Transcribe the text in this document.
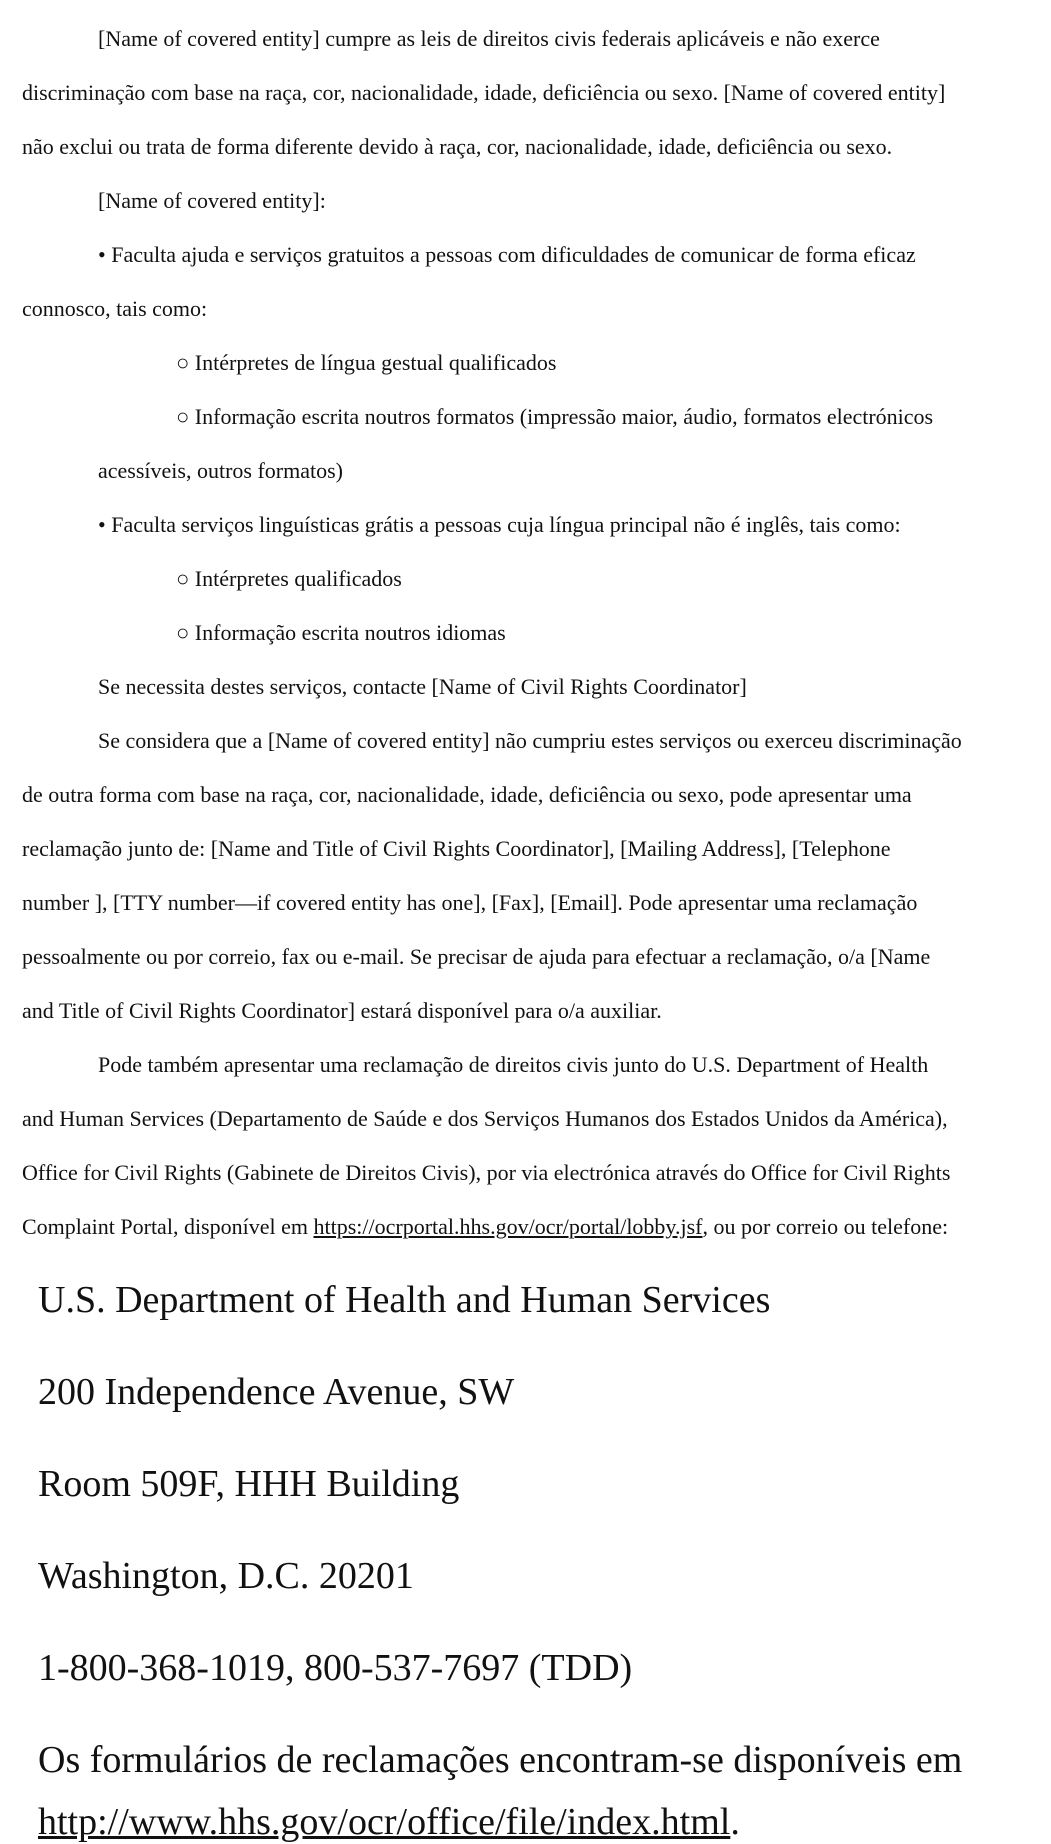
[Name of covered entity] cumpre as leis de direitos civis federais aplicáveis e não exerce
discriminação com base na raça, cor, nacionalidade, idade, deficiência ou sexo. [Name of covered entity]
não exclui ou trata de forma diferente devido à raça, cor, nacionalidade, idade, deficiência ou sexo.
[Name of covered entity]:
• Faculta ajuda e serviços gratuitos a pessoas com dificuldades de comunicar de forma eficaz
connosco, tais como:
○ Intérpretes de língua gestual qualificados
○ Informação escrita noutros formatos (impressão maior, áudio, formatos electrónicos
acessíveis, outros formatos)
• Faculta serviços linguísticas grátis a pessoas cuja língua principal não é inglês, tais como:
○ Intérpretes qualificados
○ Informação escrita noutros idiomas
Se necessita destes serviços, contacte [Name of Civil Rights Coordinator]
Se considera que a [Name of covered entity] não cumpriu estes serviços ou exerceu discriminação
de outra forma com base na raça, cor, nacionalidade, idade, deficiência ou sexo, pode apresentar uma
reclamação junto de: [Name and Title of Civil Rights Coordinator], [Mailing Address], [Telephone
number ], [TTY number—if covered entity has one], [Fax], [Email]. Pode apresentar uma reclamação
pessoalmente ou por correio, fax ou e-mail. Se precisar de ajuda para efectuar a reclamação, o/a [Name
and Title of Civil Rights Coordinator] estará disponível para o/a auxiliar.
Pode também apresentar uma reclamação de direitos civis junto do U.S. Department of Health
and Human Services (Departamento de Saúde e dos Serviços Humanos dos Estados Unidos da América),
Office for Civil Rights (Gabinete de Direitos Civis), por via electrónica através do Office for Civil Rights
Complaint Portal, disponível em https://ocrportal.hhs.gov/ocr/portal/lobby.jsf, ou por correio ou telefone:
U.S. Department of Health and Human Services
200 Independence Avenue, SW
Room 509F, HHH Building
Washington, D.C. 20201
1-800-368-1019, 800-537-7697 (TDD)
Os formulários de reclamações encontram-se disponíveis em
http://www.hhs.gov/ocr/office/file/index.html.
